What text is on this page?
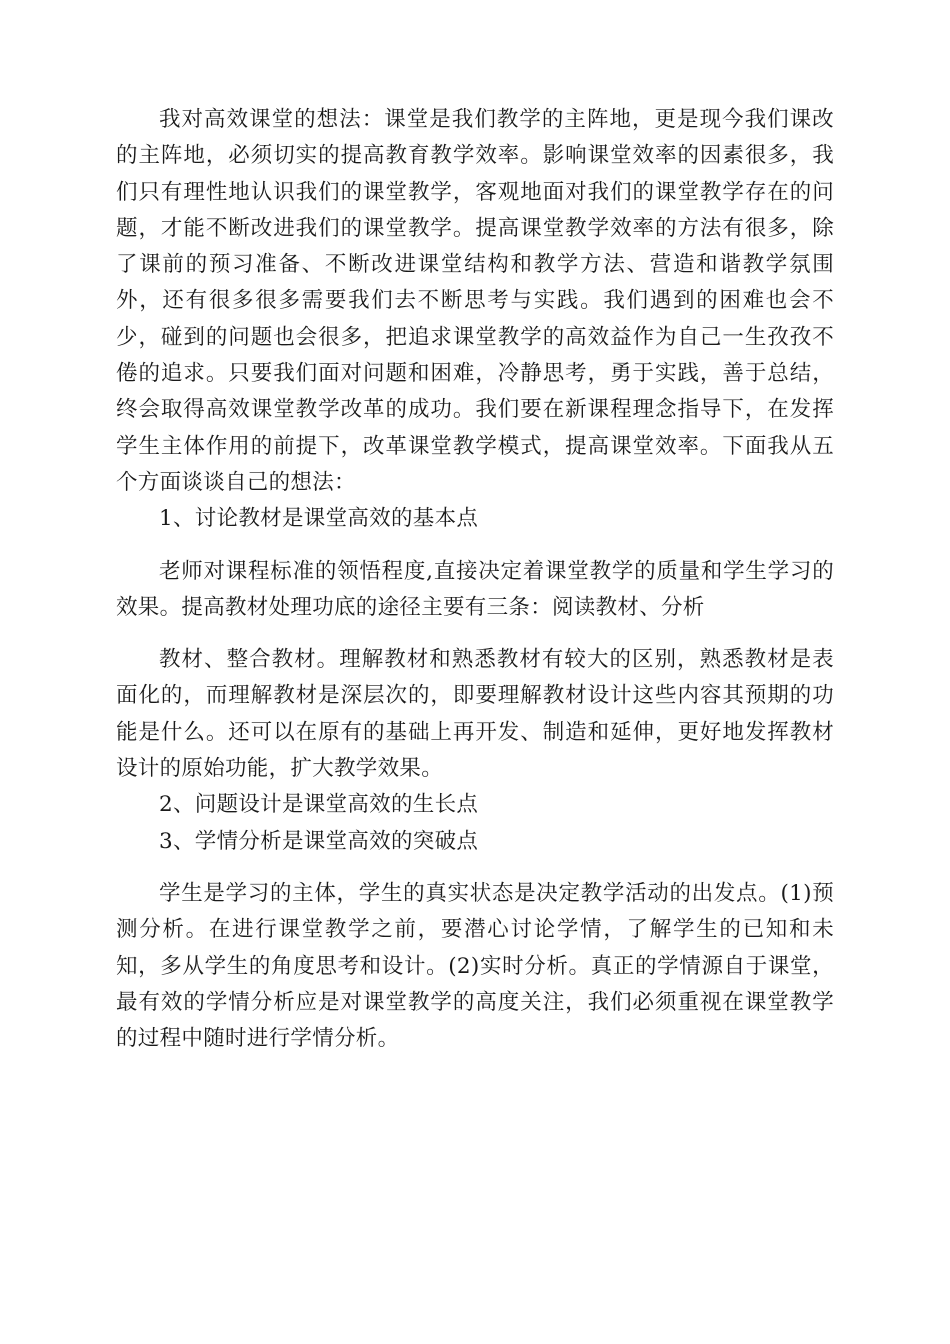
我对高效课堂的想法：课堂是我们教学的主阵地，更是现今我们课改的主阵地，必须切实的提高教育教学效率。影响课堂效率的因素很多，我们只有理性地认识我们的课堂教学，客观地面对我们的课堂教学存在的问题，才能不断改进我们的课堂教学。提高课堂教学效率的方法有很多，除了课前的预习准备、不断改进课堂结构和教学方法、营造和谐教学氛围外，还有很多很多需要我们去不断思考与实践。我们遇到的困难也会不少，碰到的问题也会很多，把追求课堂教学的高效益作为自己一生孜孜不倦的追求。只要我们面对问题和困难，冷静思考，勇于实践，善于总结，终会取得高效课堂教学改革的成功。我们要在新课程理念指导下，在发挥学生主体作用的前提下，改革课堂教学模式，提高课堂效率。下面我从五个方面谈谈自己的想法：

1、讨论教材是课堂高效的基本点

老师对课程标准的领悟程度,直接决定着课堂教学的质量和学生学习的效果。提高教材处理功底的途径主要有三条：阅读教材、分析

教材、整合教材。理解教材和熟悉教材有较大的区别，熟悉教材是表面化的，而理解教材是深层次的，即要理解教材设计这些内容其预期的功能是什么。还可以在原有的基础上再开发、制造和延伸，更好地发挥教材设计的原始功能，扩大教学效果。

2、问题设计是课堂高效的生长点

3、学情分析是课堂高效的突破点

学生是学习的主体，学生的真实状态是决定教学活动的出发点。(1)预测分析。在进行课堂教学之前，要潜心讨论学情，了解学生的已知和未知，多从学生的角度思考和设计。(2)实时分析。真正的学情源自于课堂，最有效的学情分析应是对课堂教学的高度关注，我们必须重视在课堂教学的过程中随时进行学情分析。
